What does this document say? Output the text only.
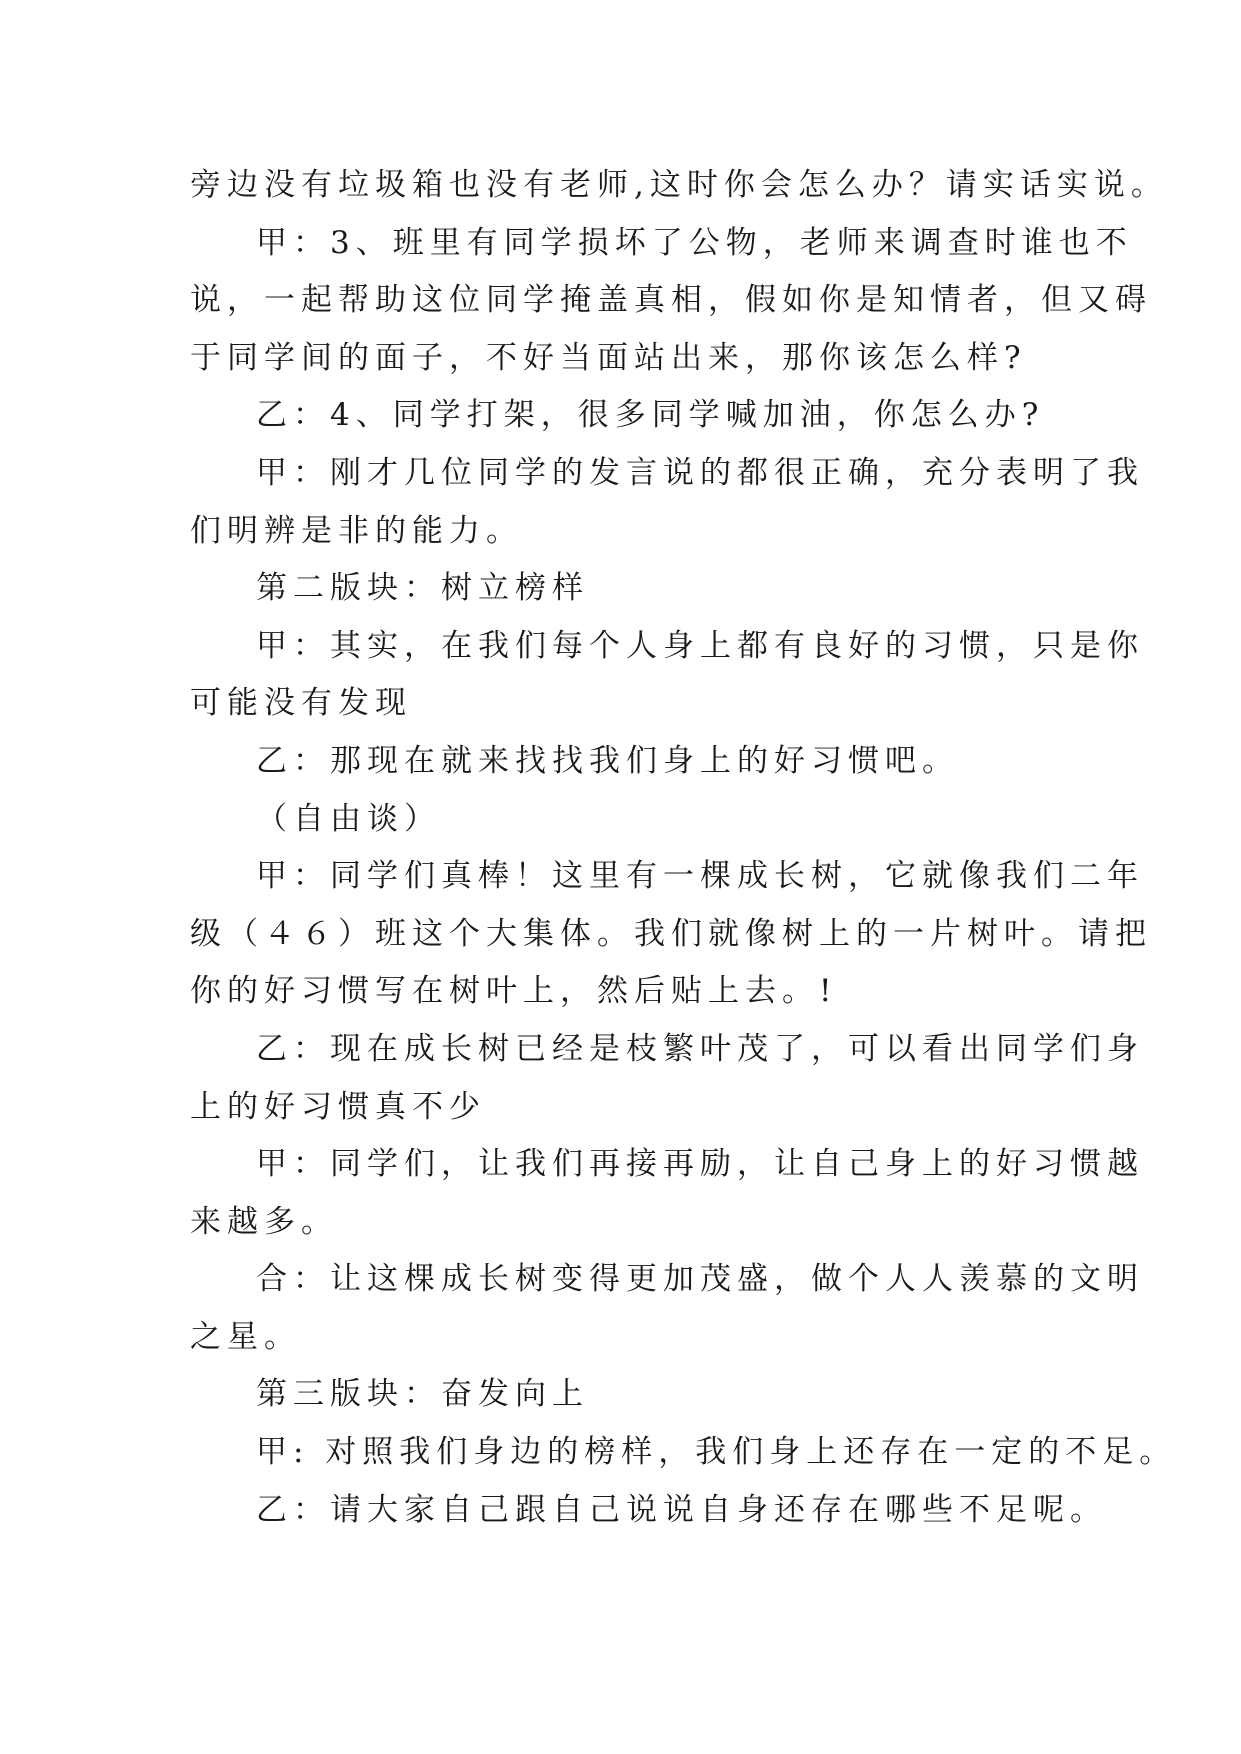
旁边没有垃圾箱也没有老师,这时你会怎么办？请实话实说。
甲：3、班里有同学损坏了公物，老师来调查时谁也不
说，一起帮助这位同学掩盖真相，假如你是知情者，但又碍
于同学间的面子，不好当面站出来，那你该怎么样?
乙：4、同学打架，很多同学喊加油，你怎么办?
甲：刚才几位同学的发言说的都很正确，充分表明了我
们明辨是非的能力。
第二版块：树立榜样
甲：其实，在我们每个人身上都有良好的习惯，只是你
可能没有发现
乙：那现在就来找找我们身上的好习惯吧。
（自由谈）
甲：同学们真棒！这里有一棵成长树，它就像我们二年
级（４６）班这个大集体。我们就像树上的一片树叶。请把
你的好习惯写在树叶上，然后贴上去。!
乙：现在成长树已经是枝繁叶茂了，可以看出同学们身
上的好习惯真不少
甲：同学们，让我们再接再励，让自己身上的好习惯越
来越多。
合：让这棵成长树变得更加茂盛，做个人人羡慕的文明
之星。
第三版块：奋发向上
甲: 对照我们身边的榜样，我们身上还存在一定的不足。
乙：请大家自己跟自己说说自身还存在哪些不足呢。
